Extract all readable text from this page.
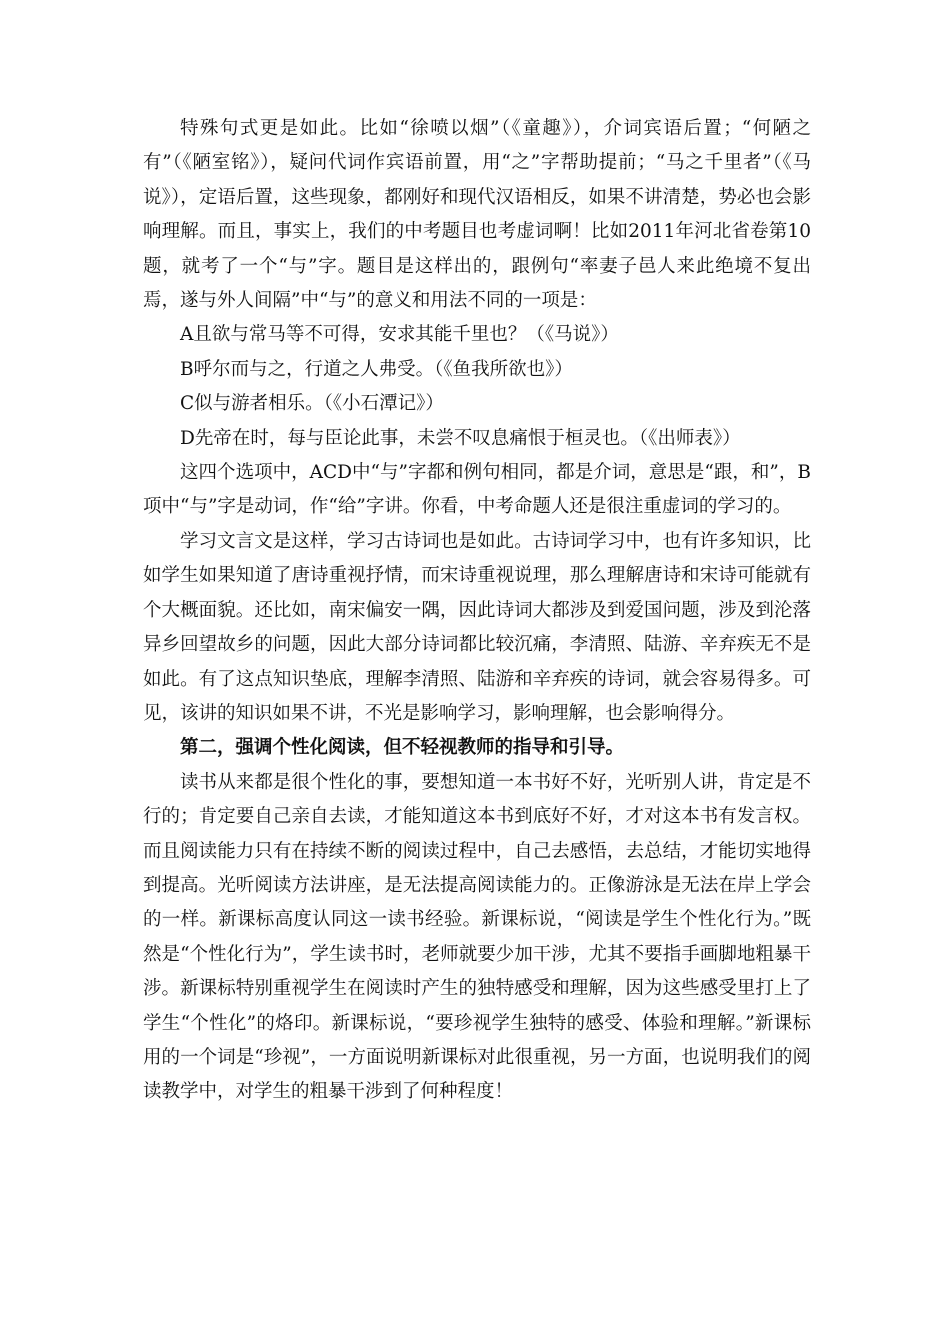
特殊句式更是如此。比如“徐喷以烟”（《童趣》），介词宾语后置；“何陋之有”（《陋室铭》），疑问代词作宾语前置，用“之”字帮助提前；“马之千里者”（《马说》），定语后置，这些现象，都刚好和现代汉语相反，如果不讲清楚，势必也会影响理解。而且，事实上，我们的中考题目也考虚词啊！比如2011年河北省卷第10题，就考了一个“与”字。题目是这样出的，跟例句“率妻子邑人来此绝境不复出焉，遂与外人间隔”中“与”的意义和用法不同的一项是：

A且欲与常马等不可得，安求其能千里也？（《马说》）

B呼尔而与之，行道之人弗受。（《鱼我所欲也》）

C似与游者相乐。（《小石潭记》）

D先帝在时，每与臣论此事，未尝不叹息痛恨于桓灵也。（《出师表》）

这四个选项中，ACD中“与”字都和例句相同，都是介词，意思是“跟，和”，B项中“与”字是动词，作“给”字讲。你看，中考命题人还是很注重虚词的学习的。

学习文言文是这样，学习古诗词也是如此。古诗词学习中，也有许多知识，比如学生如果知道了唐诗重视抒情，而宋诗重视说理，那么理解唐诗和宋诗可能就有个大概面貌。还比如，南宋偏安一隅，因此诗词大都涉及到爱国问题，涉及到沦落异乡回望故乡的问题，因此大部分诗词都比较沉痛，李清照、陆游、辛弃疾无不是如此。有了这点知识垫底，理解李清照、陆游和辛弃疾的诗词，就会容易得多。可见，该讲的知识如果不讲，不光是影响学习，影响理解，也会影响得分。

第二，强调个性化阅读，但不轻视教师的指导和引导。

读书从来都是很个性化的事，要想知道一本书好不好，光听别人讲，肯定是不行的；肯定要自己亲自去读，才能知道这本书到底好不好，才对这本书有发言权。而且阅读能力只有在持续不断的阅读过程中，自己去感悟，去总结，才能切实地得到提高。光听阅读方法讲座，是无法提高阅读能力的。正像游泳是无法在岸上学会的一样。新课标高度认同这一读书经验。新课标说，“阅读是学生个性化行为。”既然是“个性化行为”，学生读书时，老师就要少加干涉，尤其不要指手画脚地粗暴干涉。新课标特别重视学生在阅读时产生的独特感受和理解，因为这些感受里打上了学生“个性化”的烙印。新课标说，“要珍视学生独特的感受、体验和理解。”新课标用的一个词是“珍视”，一方面说明新课标对此很重视，另一方面，也说明我们的阅读教学中，对学生的粗暴干涉到了何种程度！
